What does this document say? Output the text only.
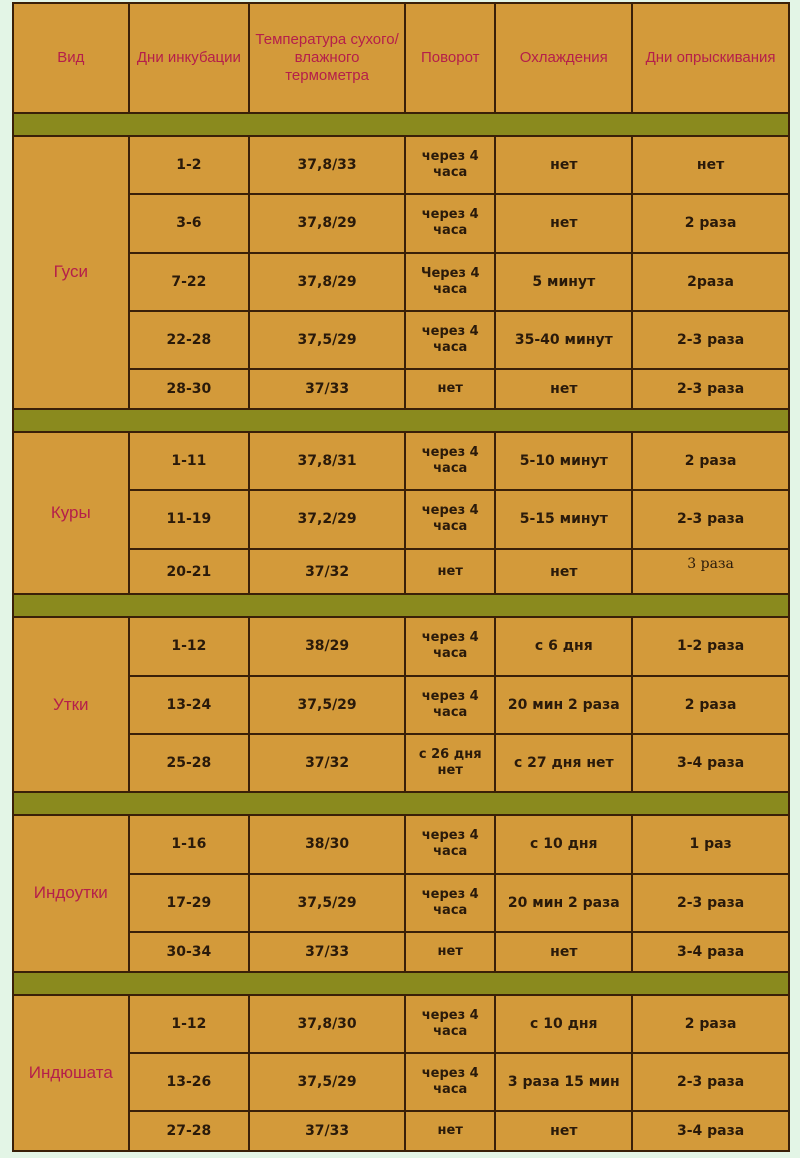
Вид	Дни инкубации	Температура сухого/ влажного термометра	Поворот	Охлаждения	Дни опрыскивания

Гуси	1-2	37,8/33	через 4 часа	нет	нет
	3-6	37,8/29	через 4 часа	нет	2 раза
	7-22	37,8/29	Через 4 часа	5 минут	2раза
	22-28	37,5/29	через 4 часа	35-40 минут	2-3 раза
	28-30	37/33	нет	нет	2-3 раза

Куры	1-11	37,8/31	через 4 часа	5-10 минут	2 раза
	11-19	37,2/29	через 4 часа	5-15 минут	2-3 раза
	20-21	37/32	нет	нет	3 раза

Утки	1-12	38/29	через 4 часа	с 6 дня	1-2 раза
	13-24	37,5/29	через 4 часа	20 мин 2 раза	2 раза
	25-28	37/32	с 26 дня нет	с 27 дня нет	3-4 раза

Индоутки	1-16	38/30	через 4 часа	с 10 дня	1 раз
	17-29	37,5/29	через 4 часа	20 мин 2 раза	2-3 раза
	30-34	37/33	нет	нет	3-4 раза

Индюшата	1-12	37,8/30	через 4 часа	с 10 дня	2 раза
	13-26	37,5/29	через 4 часа	3 раза 15 мин	2-3 раза
	27-28	37/33	нет	нет	3-4 раза
